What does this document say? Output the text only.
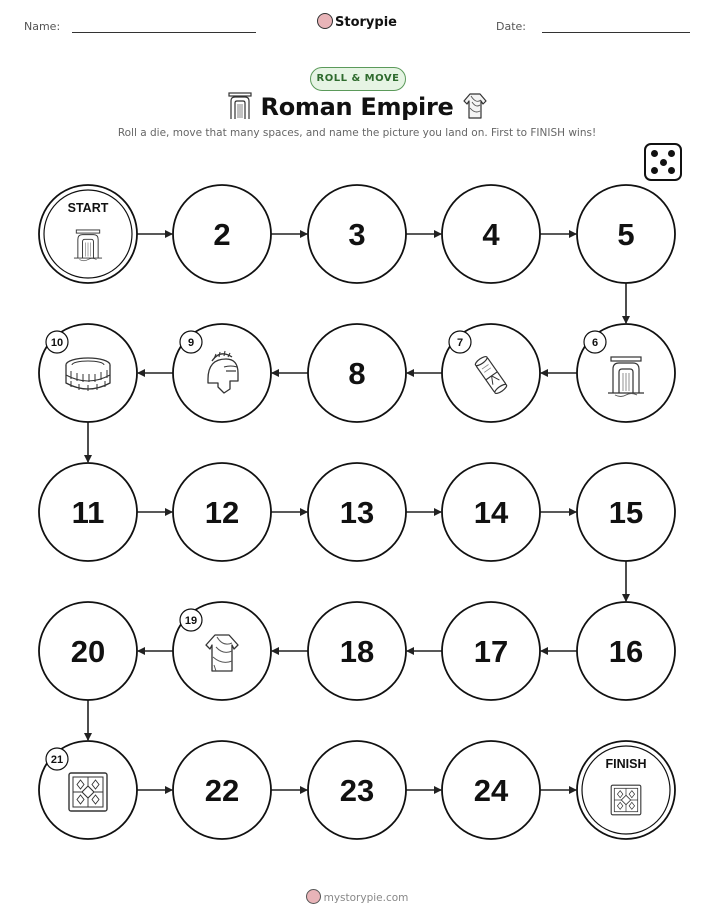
Name:	Storypie	Date:
ROLL & MOVE
Roman Empire
Roll a die, move that many spaces, and name the picture you land on. First to FINISH wins!
START
2	3	4	5
6
7
8
9
10
11	12	13	14	15
16
17
18
19
20
21
22	23	24
FINISH
mystorypie.com
